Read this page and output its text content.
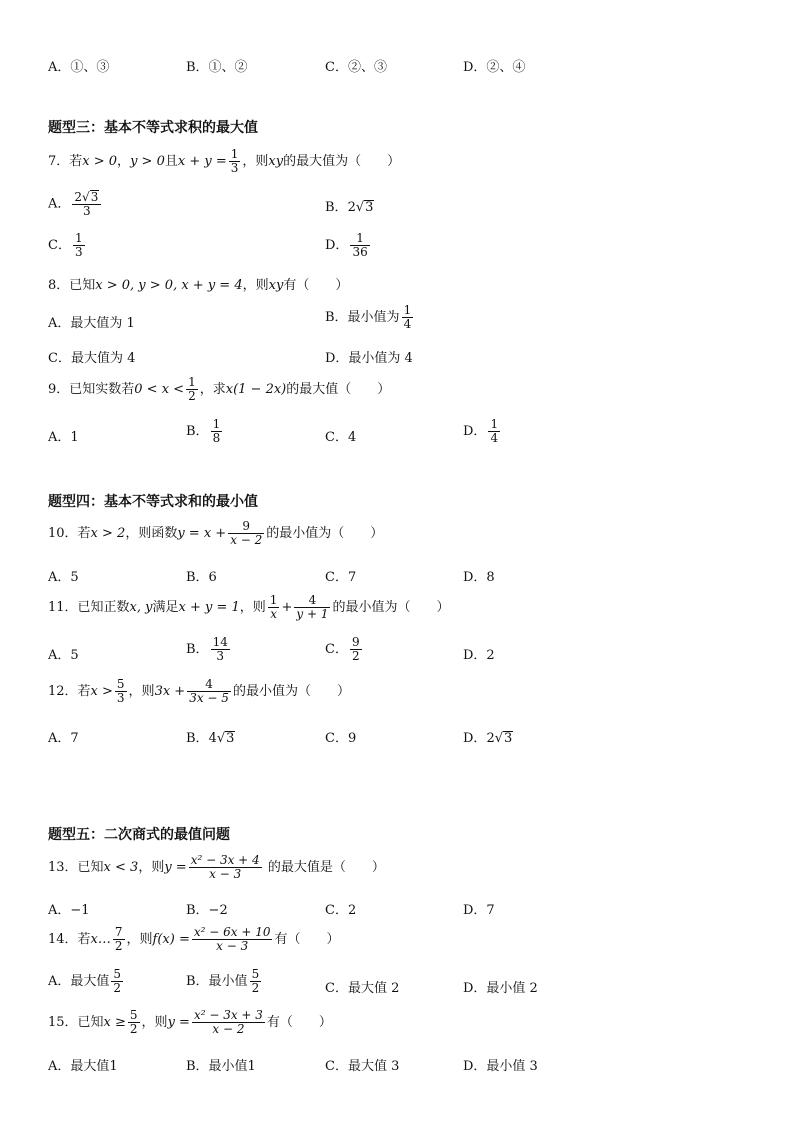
A．①、③	B．①、②	C．②、③	D．②、④
题型三：基本不等式求积的最大值
7．若x > 0，y > 0且$x + y = \frac{1}{3}$ ，则xy的最大值为（　　）
A． $\frac{2√3}{3}$	B．2√3
C． $\frac{1}{3}$	D． $\frac{1}{36}$
8．已知x > 0, y > 0, x + y = 4，则xy有（　　）
A．最大值为 1	B．最小值为 $\frac{1}{4}$
C．最大值为 4	D．最小值为 4
9．已知实数若$0 < x < \frac{1}{2}$ ，求x(1 − 2x)的最大值（　　）
A．1	B． $\frac{1}{8}$	C．4	D． $\frac{1}{4}$
题型四：基本不等式求和的最小值
10．若x > 2，则函数$y = x + \frac{9}{x - 2}$ 的最小值为（　　）
A．5	B．6	C．7	D．8
11．已知正数x, y满足x + y = 1，则 $\frac{1}{x} + \frac{4}{y + 1}$ 的最小值为（　　）
A．5	B． $\frac{14}{3}$	C． $\frac{9}{2}$	D．2
12．若$x > \frac{5}{3}$ ，则$3x + \frac{4}{3x - 5}$ 的最小值为（　　）
A．7	B．4√3	C．9	D．2√3
题型五：二次商式的最值问题
13．已知x < 3，则$y = \frac{\text{x² − 3x + 4}}{x - 3}$ 的最大值是（　　）
A．−1	B．−2	C．2	D．7
14．若x… $\frac{7}{2}$ ，则$f(x) = \frac{\text{x² − 6x + 10}}{x - 3}$ 有（　　）
A．最大值 $\frac{5}{2}$	B．最小值 $\frac{5}{2}$	C．最大值 2	D．最小值 2
15．已知$x \ge \frac{5}{2}$ ，则$y = \frac{\text{x² − 3x + 3}}{x - 2}$ 有（　　）
A．最大值1	B．最小值1	C．最大值 3	D．最小值 3
